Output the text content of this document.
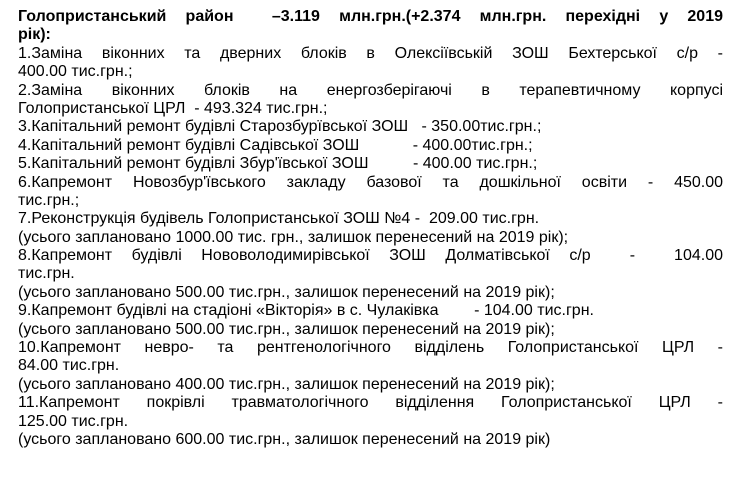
Голопристанський район  –3.119 млн.грн.(+2.374 млн.грн. перехідні у 2019
рік):
1.Заміна віконних та дверних блоків в Олексіївській ЗОШ Бехтерської с/р -
400.00 тис.грн.;
2.Заміна віконних блоків на енергозберігаючі в терапевтичному корпусі
Голопристанської ЦРЛ  - 493.324 тис.грн.;
3.Капітальний ремонт будівлі Старозбурївської ЗОШ   - 350.00тис.грн.;
4.Капітальний ремонт будівлі Садівської ЗОШ            - 400.00тис.грн.;
5.Капітальний ремонт будівлі Збур'ївської ЗОШ          - 400.00 тис.грн.;
6.Капремонт Новозбур'ївського закладу базової та дошкільної освіти - 450.00
тис.грн.;
7.Реконструкція будівель Голопристанської ЗОШ №4 -  209.00 тис.грн.
(усього заплановано 1000.00 тис. грн., залишок перенесений на 2019 рік);
8.Капремонт будівлі Нововолодимирівської ЗОШ Долматівської с/р  -  104.00
тис.грн.
(усього заплановано 500.00 тис.грн., залишок перенесений на 2019 рік);
9.Капремонт будівлі на стадіоні «Вікторія» в с. Чулаківка        - 104.00 тис.грн.
(усього заплановано 500.00 тис.грн., залишок перенесений на 2019 рік);
10.Капремонт невро- та рентгенологічного відділень Голопристанської ЦРЛ -
84.00 тис.грн.
(усього заплановано 400.00 тис.грн., залишок перенесений на 2019 рік);
11.Капремонт покрівлі травматологічного відділення Голопристанської ЦРЛ -
125.00 тис.грн.
(усього заплановано 600.00 тис.грн., залишок перенесений на 2019 рік)
